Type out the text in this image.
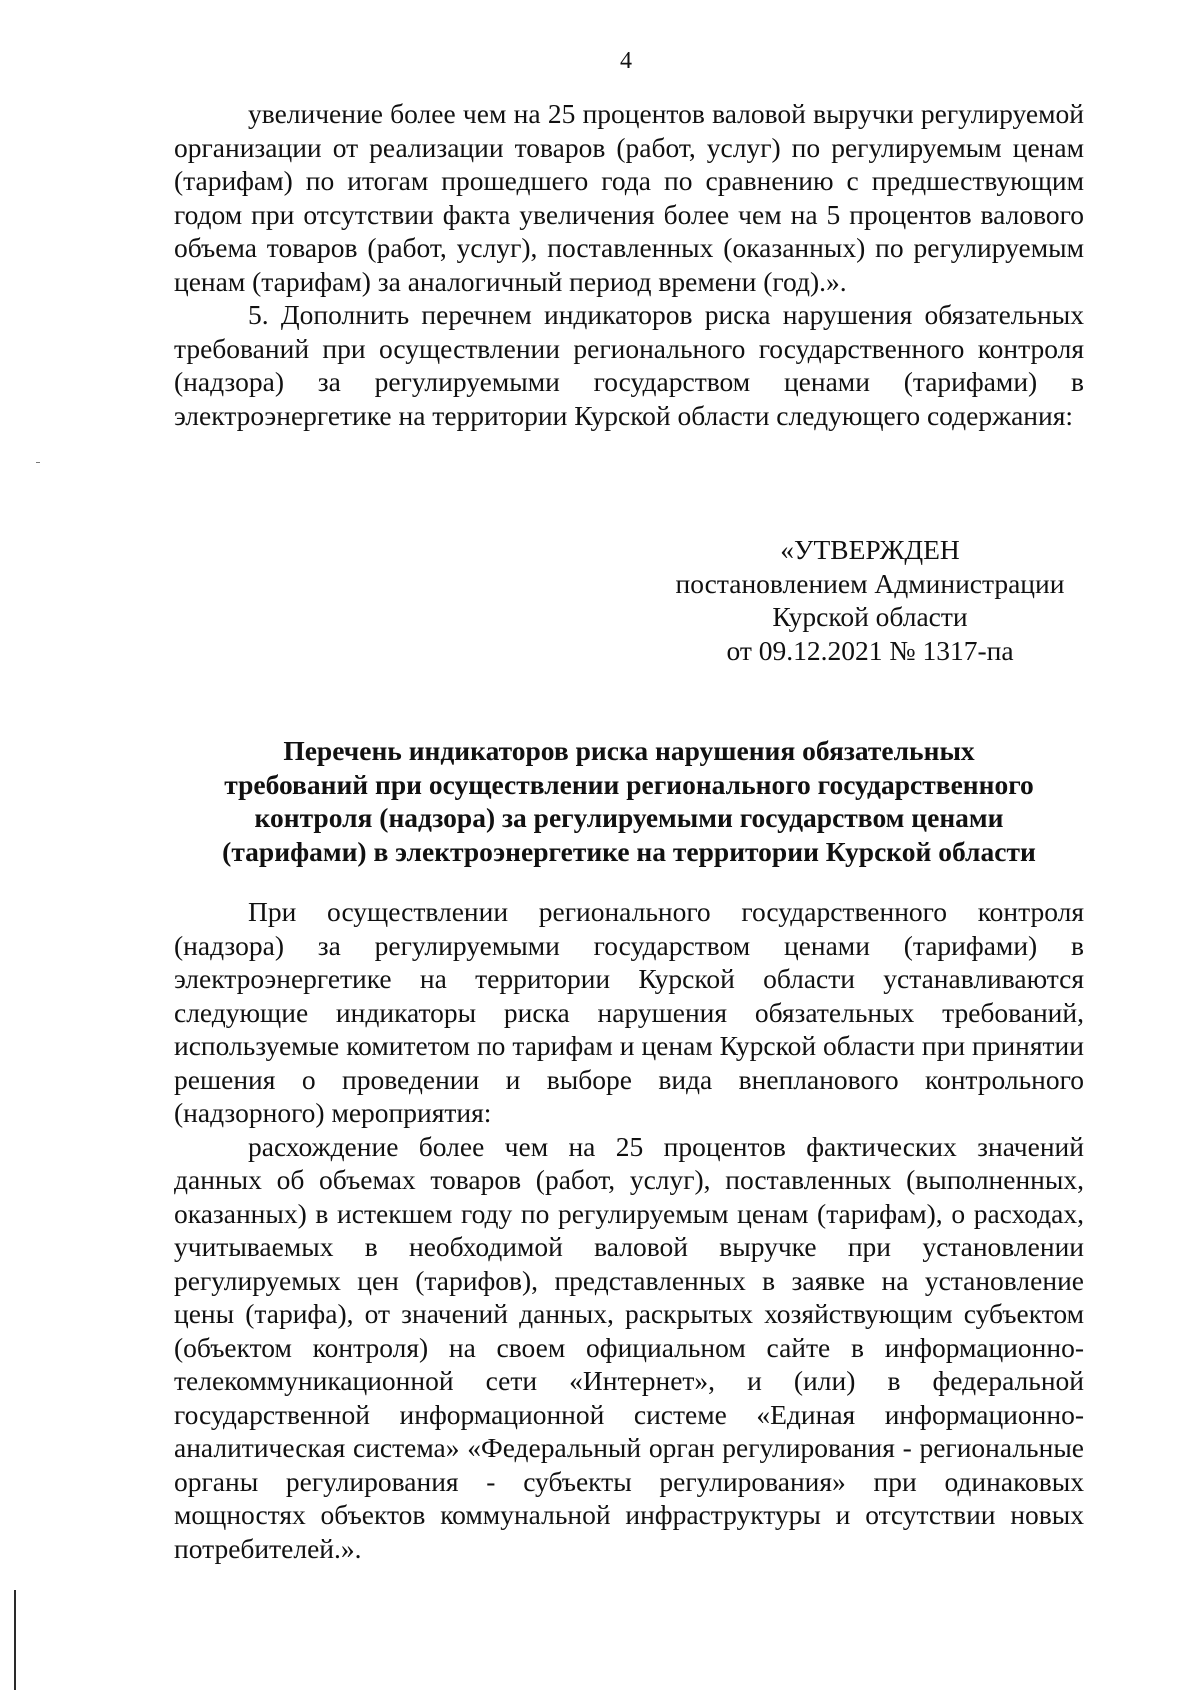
4

увеличение более чем на 25 процентов валовой выручки регулируемой организации от реализации товаров (работ, услуг) по регулируемым ценам (тарифам) по итогам прошедшего года по сравнению с предшествующим годом при отсутствии факта увеличения более чем на 5 процентов валового объема товаров (работ, услуг), поставленных (оказанных) по регулируемым ценам (тарифам) за аналогичный период времени (год).».

5. Дополнить перечнем индикаторов риска нарушения обязательных требований при осуществлении регионального государственного контроля (надзора) за регулируемыми государством ценами (тарифами) в электроэнергетике на территории Курской области следующего содержания:

«УТВЕРЖДЕН
постановлением Администрации
Курской области
от 09.12.2021 № 1317-па
Перечень индикаторов риска нарушения обязательных
требований при осуществлении регионального государственного
контроля (надзора) за регулируемыми государством ценами
(тарифами) в электроэнергетике на территории Курской области

При осуществлении регионального государственного контроля (надзора) за регулируемыми государством ценами (тарифами) в электроэнергетике на территории Курской области устанавливаются следующие индикаторы риска нарушения обязательных требований, используемые комитетом по тарифам и ценам Курской области при принятии решения о проведении и выборе вида внепланового контрольного (надзорного) мероприятия:

расхождение более чем на 25 процентов фактических значений данных об объемах товаров (работ, услуг), поставленных (выполненных, оказанных) в истекшем году по регулируемым ценам (тарифам), о расходах, учитываемых в необходимой валовой выручке при установлении регулируемых цен (тарифов), представленных в заявке на установление цены (тарифа), от значений данных, раскрытых хозяйствующим субъектом (объектом контроля) на своем официальном сайте в информационно-телекоммуникационной сети «Интернет», и (или) в федеральной государственной информационной системе «Единая информационно-аналитическая система» «Федеральный орган регулирования - региональные органы регулирования - субъекты регулирования» при одинаковых мощностях объектов коммунальной инфраструктуры и отсутствии новых потребителей.».
